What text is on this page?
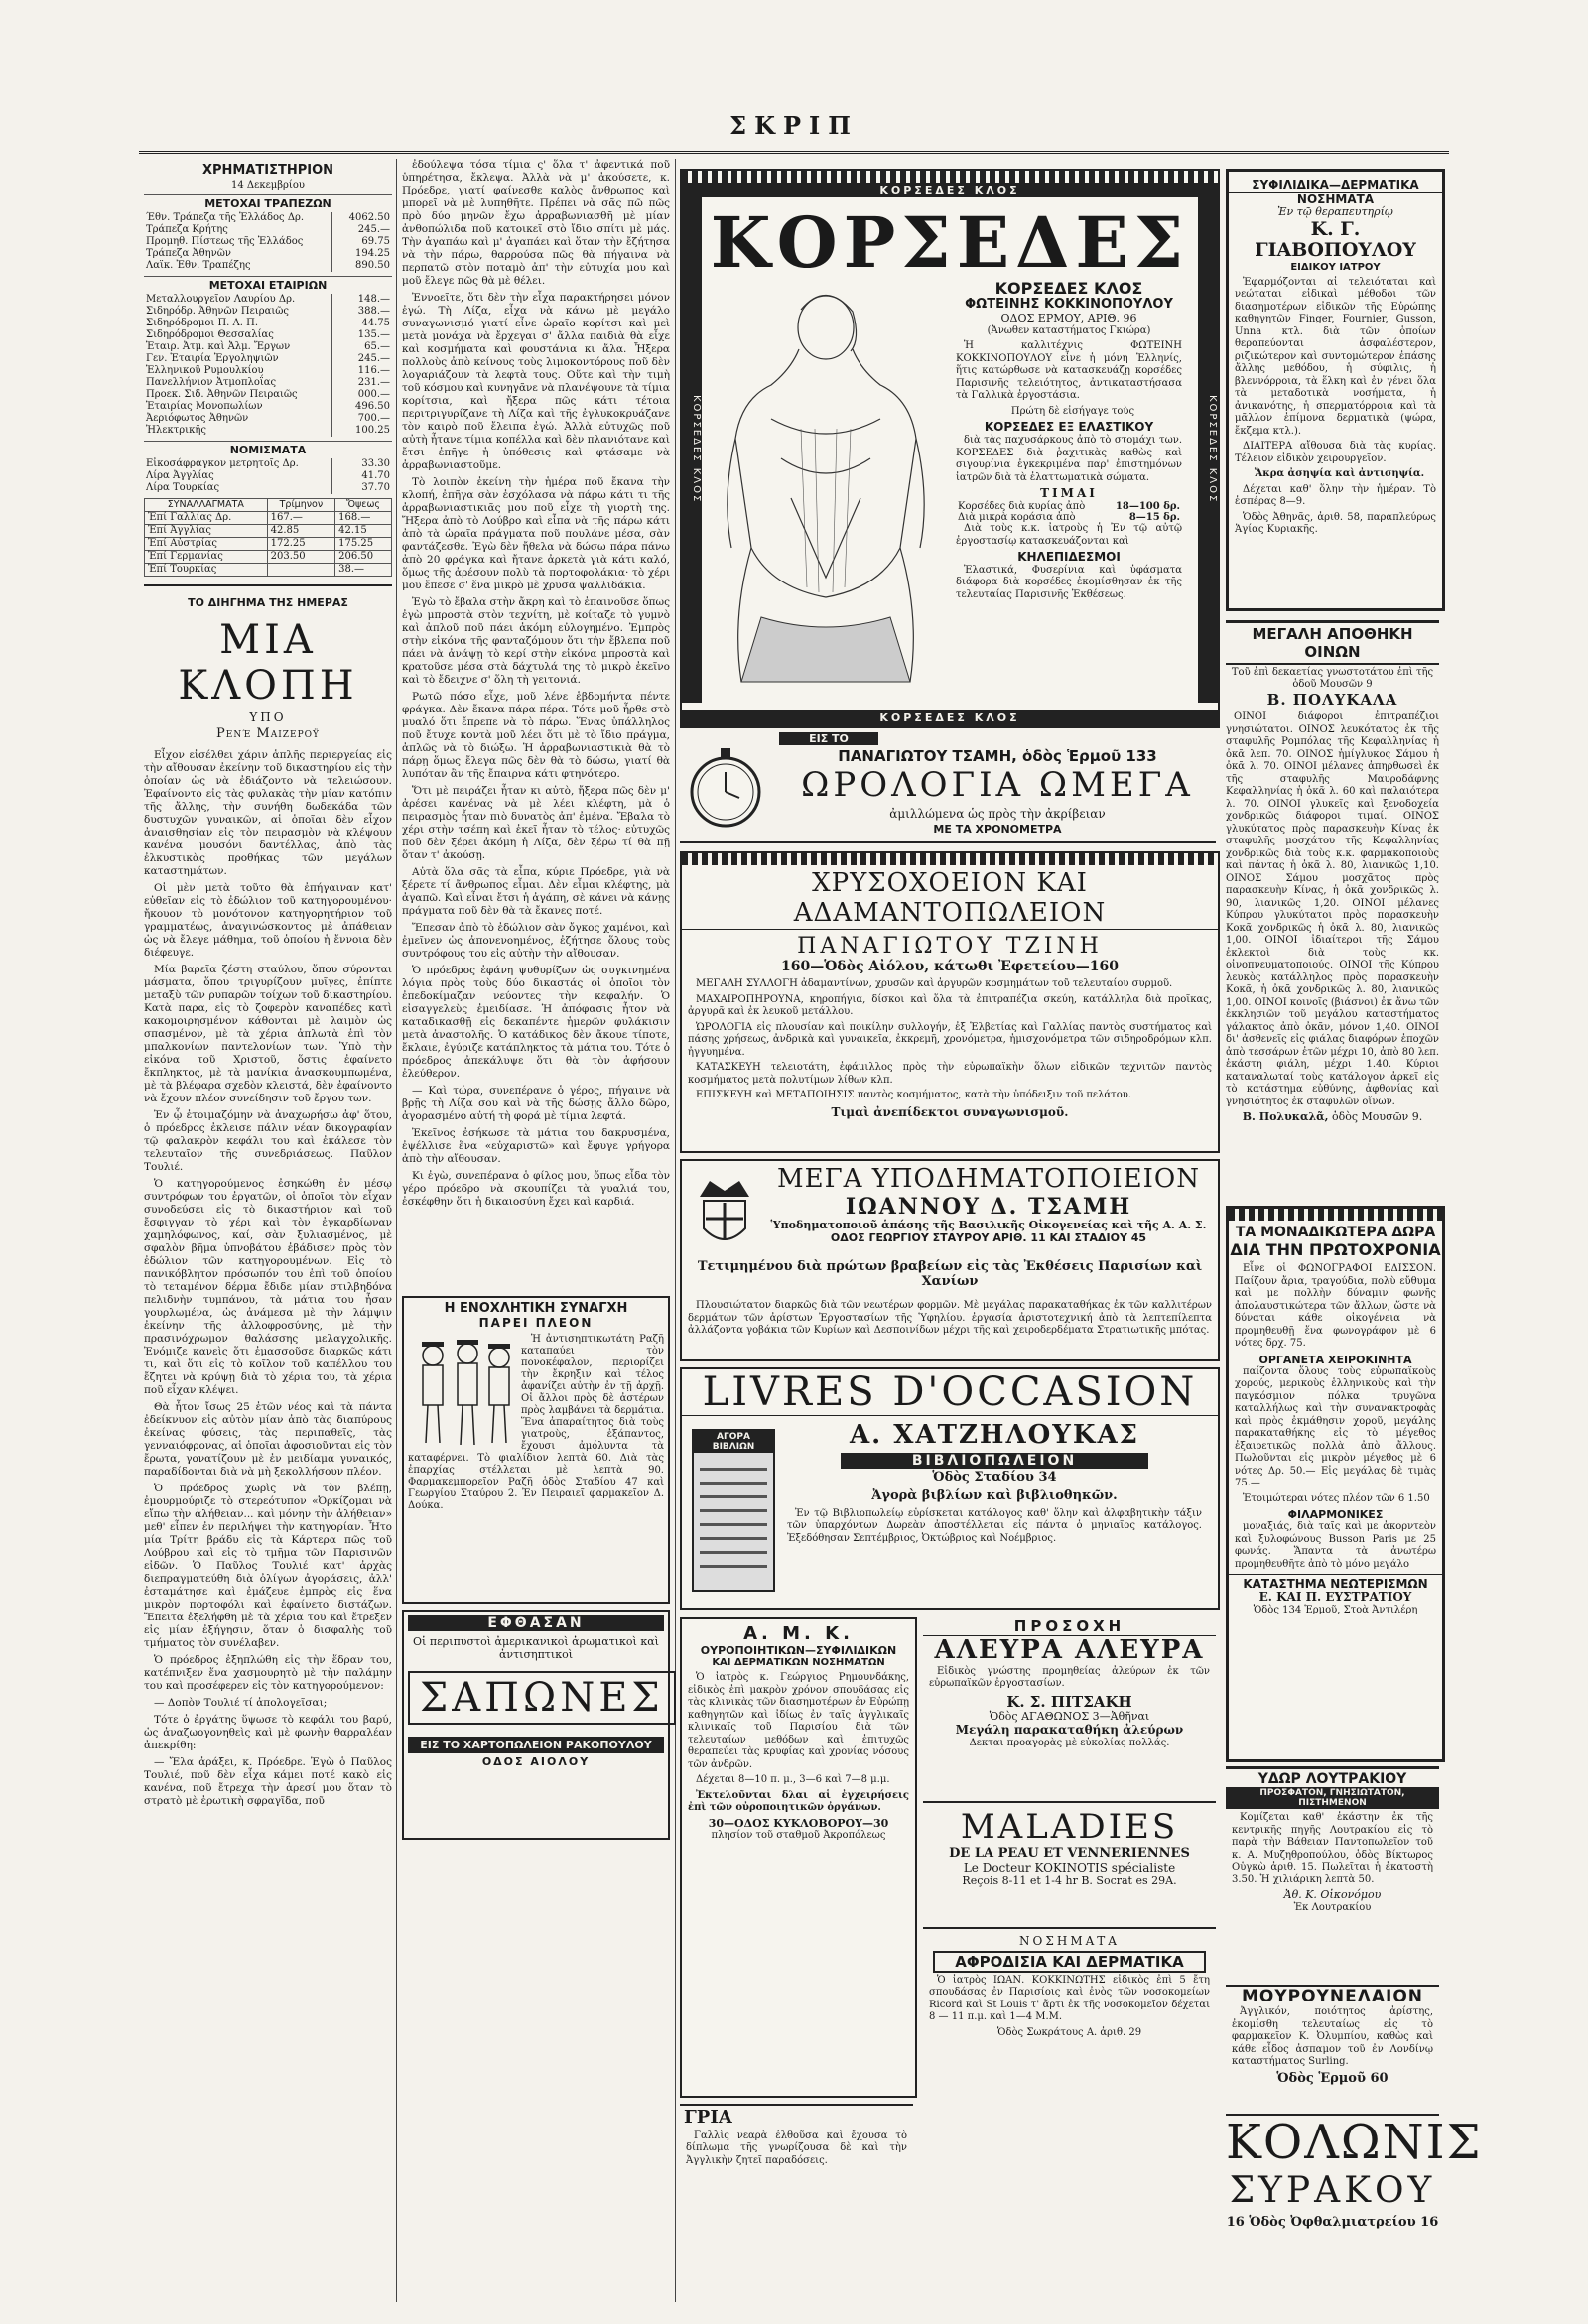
ΣΚΡΙΠ
ΧΡΗΜΑΤΙΣΤΗΡΙΟΝ
14 Δεκεμβρίου
ΜΕΤΟΧΑΙ ΤΡΑΠΕΖΩΝ
Έθν. Τράπεζα τῆς Ἑλλάδος Δρ.	4062.50
Τράπεζα Κρήτης	245.—
Προμηθ. Πίστεως τῆς Ἑλλάδος	69.75
Τράπεζα Ἀθηνῶν	194.25
Λαϊκ. Ἐθν. Τραπέζης	890.50
ΜΕΤΟΧΑΙ ΕΤΑΙΡΙΩΝ
Μεταλλουργεῖον Λαυρίου Δρ.	148.—
Σιδηρόδρ. Ἀθηνῶν Πειραιῶς	388.—
Σιδηρόδρομοι Π. Α. Π.	44.75
Σιδηρόδρομοι Θεσσαλίας	135.—
Ἑταιρ. Ἀτμ. καὶ Ἀλμ. Ἔργων	65.—
Γεν. Ἑταιρία Ἐργοληψιῶν	245.—
Ἑλληνικοῦ Ρυμουλκίου	116.—
Πανελλήνιον Ἀτμοπλοΐας	231.—
Προεκ. Σιδ. Ἀθηνῶν Πειραιῶς	000.—
Ἑταιρίας Μονοπωλίων	496.50
Ἀεριόφωτος Ἀθηνῶν	700.—
Ἠλεκτρικῆς	100.25
ΝΟΜΙΣΜΑΤΑ
Εἰκοσάφραγκον μετρητοῖς Δρ.	33.30
Λίρα Ἀγγλίας	41.70
Λίρα Τουρκίας	37.70
ΣΥΝΑΛΛΑΓΜΑΤΑ	Τρίμηνον	Ὄψεως
Ἐπί Γαλλίας Δρ.	167.—	168.—
Ἐπί Ἀγγλίας	42.85	42.15
Ἐπί Αὐστρίας	172.25	175.25
Ἐπί Γερμανίας	203.50	206.50
Ἐπί Τουρκίας		38.—
ΤΟ ΔΙΗΓΗΜΑ ΤΗΣ ΗΜΕΡΑΣ
ΜΙΑ ΚΛΟΠΗ
ΥΠΟ
Ρενέ Μαιζεροϋ

Εἶχον εἰσέλθει χάριν ἁπλῆς περιεργείας εἰς τὴν αἴθουσαν ἐκείνην τοῦ δικαστηρίου εἰς τὴν ὁποίαν ὡς νὰ ἐδιάζοντο νὰ τελειώσουν. Ἐφαίνοντο εἰς τὰς φυλακὰς τὴν μίαν κατόπιν τῆς ἄλλης, τὴν συνήθη δωδεκάδα τῶν δυστυχῶν γυναικῶν, αἱ ὁποῖαι δὲν εἶχον ἀναισθησίαν εἰς τὸν πειρασμὸν νὰ κλέψουν κανένα μουσόνι δαντέλλας, ἀπὸ τὰς ἐλκυστικὰς προθήκας τῶν μεγάλων καταστημάτων.

Οἱ μὲν μετὰ τοῦτο θὰ ἐπήγαιναν κατ' εὐθεῖαν εἰς τὸ ἐδώλιον τοῦ κατηγορουμένου· ἤκουον τὸ μονότονον κατηγορητήριον τοῦ γραμματέως, ἀναγινώσκοντος μὲ ἀπάθειαν ὡς νὰ ἔλεγε μάθημα, τοῦ ὁποίου ἡ ἔννοια δὲν διέφευγε.

Μία βαρεῖα ζέστη σταύλου, ὅπου σύρονται μάσματα, ὅπου τριγυρίζουν μυῖγες, ἐπίπτε μεταξὺ τῶν ρυπαρῶν τοίχων τοῦ δικαστηρίου. Κατὰ παρα, εἰς τὸ ζοφερὸν καναπέδες κατὶ κακομοιρησμένον κάθονται μὲ λαιμὸν ὡς σπασμένον, μὲ τὰ χέρια ἀπλωτὰ ἐπὶ τὸν μπαλκονίων παντελονίων των. Ὑπὸ τὴν εἰκόνα τοῦ Χριστοῦ, ὅστις ἐφαίνετο ἔκπληκτος, μὲ τὰ μανίκια ἀνασκουμπωμένα, μὲ τὰ βλέφαρα σχεδὸν κλειστά, δὲν ἐφαίνοντο νὰ ἔχουν πλέον συνείδησιν τοῦ ἔργου των.

Ἐν ᾧ ἐτοιμαζόμην νὰ ἀναχωρήσω ἀφ' ὅτου, ὁ πρόεδρος ἐκλεισε πάλιν νέαν δικογραφίαν τῷ φαλακρὸν κεφάλι του καὶ ἐκάλεσε τὸν τελευταῖον τῆς συνεδριάσεως. Παῦλον Τουλιέ.

Ὁ κατηγορούμενος ἐσηκώθη ἐν μέσῳ συντρόφων του ἐργατῶν, οἱ ὁποῖοι τὸν εἶχαν συνοδεύσει εἰς τὸ δικαστήριον καὶ τοῦ ἔσφιγγαν τὸ χέρι καὶ τὸν ἐγκαρδίωναν χαμηλόφωνος, καί, σὰν ξυλιασμένος, μὲ σφαλὸν βῆμα ὑπνοβάτου ἐβάδισεν πρὸς τὸν ἐδώλιον τῶν κατηγορουμένων. Εἰς τὸ πανικόβλητον πρόσωπόν του ἐπὶ τοῦ ὁποίου τὸ τεταμένον δέρμα ἔδιδε μίαν στιλβηδόνα πελιδνὴν τυμπάνου, τὰ μάτια του ἦσαν γουρλωμένα, ὡς ἀνάμεσα μὲ τὴν λάμψιν ἐκείνην τῆς ἀλλοφροσύνης, μὲ τὴν πρασινόχρωμον θαλάσσης μελαγχολικῆς. Ἐνόμιζε κανεὶς ὅτι ἐμασσοῦσε διαρκῶς κάτι τι, καὶ ὅτι εἰς τὸ κοῖλον τοῦ καπέλλου του ἔζητει νὰ κρύψῃ διὰ τὸ χέρια του, τὰ χέρια ποῦ εἶχαν κλέψει.

Θὰ ἦτον ἴσως 25 ἐτῶν νέος καὶ τὰ πάντα ἐδείκνυον εἰς αὐτὸν μίαν ἀπὸ τὰς διαπύρους ἐκείνας φύσεις, τὰς περιπαθεῖς, τὰς γενναιόφρονας, αἱ ὁποῖαι ἀφοσιοῦνται εἰς τὸν ἔρωτα, γονατίζουν μὲ ἐν μειδίαμα γυναικός, παραδίδονται διὰ νὰ μὴ ξεκολλήσουν πλέον.

Ὁ πρόεδρος χωρὶς νὰ τὸν βλέπῃ, ἐμουρμούριζε τὸ στερεότυπον «Ὀρκίζομαι νὰ εἴπω τὴν ἀλήθειαν... καὶ μόνην τὴν ἀλήθειαν» μεθ' εἶπεν ἐν περιλήψει τὴν κατηγορίαν. Ἦτο μία Τρίτη βράδυ εἰς τὰ Κάρτερα πῶς τοῦ Λούβρου καὶ εἰς τὸ τμῆμα τῶν Παρισινῶν εἰδῶν. Ὁ Παῦλος Τουλιέ κατ' ἀρχὰς διεπραγματεύθη διὰ ὀλίγων ἀγοράσεις, ἀλλ' ἐσταμάτησε καὶ ἐμάζευε ἐμπρὸς εἰς ἕνα μικρὸν πορτοφόλι καὶ ἐφαίνετο διστάζων. Ἔπειτα ἐξελήφθη μὲ τὰ χέρια του καὶ ἔτρεξεν εἰς μίαν ἐξήγησιν, ὅταν ὁ δισφαλὴς τοῦ τμήματος τὸν συνέλαβεν.

Ὁ πρόεδρος ἐξηπλώθη εἰς τὴν ἕδραν του, κατέπνιξεν ἕνα χασμουρητὸ μὲ τὴν παλάμην του καὶ προσέφερεν εἰς τὸν κατηγορούμενον:

— Δοπὸν Τουλιέ τί ἀπολογεῖσαι;

Τότε ὁ ἐργάτης ὕψωσε τὸ κεφάλι του βαρύ, ὡς ἀναζωογονηθεὶς καὶ μὲ φωνὴν θαρραλέαν ἀπεκρίθη:

— Ἔλα ἀράξει, κ. Πρόεδρε. Ἐγὼ ὁ Παῦλος Τουλιέ, ποῦ δὲν εἶχα κάμει ποτέ κακὸ εἰς κανένα, ποῦ ἔτρεχα τὴν ἀρεσί μου ὅταν τὸ στρατὸ μὲ ἐρωτικὴ σφραγῖδα, ποῦ

ἐδούλεψα τόσα τίμια ς' ὅλα τ' ἀφεντικά ποῦ ὑπηρέτησα, ἔκλεψα. Ἀλλὰ νὰ μ' ἀκούσετε, κ. Πρόεδρε, γιατί φαίνεσθε καλὸς ἄνθρωπος καὶ μπορεῖ νὰ μὲ λυπηθῆτε. Πρέπει νὰ σᾶς πῶ πῶς πρὸ δύο μηνῶν ἔχω ἀρραβωνιασθῆ μὲ μίαν ἀνθοπώλιδα ποῦ κατοικεῖ στὸ ἴδιο σπίτι μὲ μάς. Τὴν ἀγαπάω καὶ μ' ἀγαπάει καὶ ὅταν τὴν ἔζήτησα νὰ τὴν πάρω, θαρρούσα πῶς θὰ πήγαινα νὰ περπατῶ στὸν ποταμὸ ἀπ' τὴν εὐτυχία μου καὶ μοῦ ἔλεγε πῶς θὰ μὲ θέλει.

Ἐννοεῖτε, ὅτι δὲν τὴν εἶχα παρακτήρησει μόνον ἐγώ. Τὴ Λίζα, εἶχα νὰ κάνω μὲ μεγάλο συναγωνισμό γιατί εἶνε ὡραῖο κορίτσι καὶ μεὶ μετὰ μονάχα νὰ ἔρχεγαι σ' ἄλλα παιδιὰ θὰ εἶχε καὶ κοσμήματα καὶ φουστάνια κι ἄλα. Ἦξερα πολλοὺς ἀπὸ κείνους τοὺς λιμοκοντόρους ποῦ δὲν λογαριάζουν τὰ λεφτὰ τους. Οὕτε καὶ τὴν τιμὴ τοῦ κόσμου καὶ κυνηγᾶνε νὰ πλανέψουνε τὰ τίμια κορίτσια, καὶ ἤξερα πῶς κάτι τέτοια περιτριγυρίζανε τὴ Λίζα καὶ τῆς ἐγλυκοκρυάζανε τὸν καιρὸ ποῦ ἔλειπα ἐγώ. Ἀλλὰ εὐτυχῶς ποῦ αὐτὴ ἦτανε τίμια κοπέλλα καὶ δὲν πλανιότανε καὶ ἔτσι ἐπῆγε ἡ ὑπόθεσις καὶ φτάσαμε νὰ ἀρραβωνιαστοῦμε.

Τὸ λοιπὸν ἐκείνη τὴν ἡμέρα ποῦ ἔκανα τὴν κλοπή, ἐπῆγα σὰν ἐσχόλασα νὰ πάρω κάτι τι τῆς ἀρραβωνιαστικιᾶς μου ποῦ εἶχε τὴ γιορτὴ της. Ἤξερα ἀπὸ τὸ Λούβρο καὶ εἶπα νὰ τῆς πάρω κάτι ἀπὸ τὰ ὡραῖα πράγματα ποῦ πουλάνε μέσα, σὰν φαντάζεσθε. Ἐγὼ δὲν ἤθελα νὰ δώσω πάρα πάνω ἀπὸ 20 φράγκα καὶ ἤτανε ἀρκετὰ γιὰ κάτι καλό, ὅμως τῆς ἀρέσουν πολὺ τὰ πορτοφολάκια· τὸ χέρι μου ἔπεσε σ' ἕνα μικρὸ μὲ χρυσᾶ ψαλλιδάκια.

Ἐγὼ τὸ ἔβαλα στὴν ἄκρη καὶ τὸ ἐπαινοῦσε ὅπως ἐγὼ μπροστὰ στὸν τεχνίτη, μὲ κοίταζε τὸ γυμνὸ καὶ ἀπλοῦ ποῦ πάει ἀκόμη εὐλογημένο. Ἐμπρὸς στὴν εἰκόνα τῆς φανταζόμουν ὅτι τὴν ἔβλεπα ποῦ πάει νὰ ἀνάψῃ τὸ κερί στὴν εἰκόνα μπροστὰ καὶ κρατοῦσε μέσα στὰ δάχτυλά της τὸ μικρὸ ἐκεῖνο καὶ τὸ ἔδειχνε σ' ὅλη τὴ γειτονιά.

Ρωτῶ πόσο εἶχε, μοῦ λένε ἑβδομήντα πέντε φράγκα. Δὲν ἔκανα πάρα πέρα. Τότε μοῦ ἦρθε στὸ μυαλό ὅτι ἔπρεπε νὰ τὸ πάρω. Ἕνας ὑπάλληλος ποῦ ἔτυχε κοντὰ μοῦ λέει ὅτι μὲ τὸ ἴδιο πράγμα, ἀπλῶς νὰ τὸ διώξω. Ἡ ἀρραβωνιαστικιὰ θὰ τὸ πάρῃ ὅμως ἔλεγα πῶς δὲν θὰ τὸ δώσω, γιατί θὰ λυπόταν ἂν τῆς ἔπαιρνα κάτι φτηνότερο.

Ὅτι μὲ πειράζει ἦταν κι αὐτὸ, ἤξερα πῶς δὲν μ' ἀρέσει κανένας νὰ μὲ λέει κλέφτη, μὰ ὁ πειρασμὸς ἦταν πιὸ δυνατὸς ἀπ' ἐμένα. Ἔβαλα τὸ χέρι στὴν τσέπη καὶ ἐκεῖ ἦταν τὸ τέλος· εὐτυχῶς ποῦ δὲν ξέρει ἀκόμη ἡ Λίζα, δὲν ξέρω τί θὰ πῇ ὅταν τ' ἀκούσῃ.

Αὐτὰ ὅλα σᾶς τὰ εἶπα, κύριε Πρόεδρε, γιὰ νὰ ξέρετε τί ἄνθρωπος εἶμαι. Δὲν εἶμαι κλέφτης, μὰ ἀγαπῶ. Καὶ εἶναι ἔτσι ἡ ἀγάπη, σὲ κάνει νὰ κάνῃς πράγματα ποῦ δὲν θὰ τὰ ἔκανες ποτέ.

Ἔπεσαν ἀπὸ τὸ ἐδώλιον σὰν ὄγκος χαμένοι, καὶ ἐμεῖνεν ὡς ἀπονενοημένος, ἐζήτησε ὅλους τοὺς συντρόφους του εἰς αὐτὴν τὴν αἴθουσαν.

Ὁ πρόεδρος ἐφάνη ψυθυρίζων ὡς συγκινημένα λόγια πρὸς τοὺς δύο δικαστάς οἱ ὁποῖοι τὸν ἐπεδοκίμαζαν νεύοντες τὴν κεφαλήν. Ὁ εἰσαγγελεὺς ἐμειδίασε. Ἡ ἀπόφασις ἦτον νὰ καταδικασθῇ εἰς δεκαπέντε ἡμερῶν φυλάκισιν μετὰ ἀναστολῆς. Ὁ κατάδικος δὲν ἄκουε τίποτε, ἔκλαιε, ἐγύριζε κατάπληκτος τὰ μάτια του. Τότε ὁ πρόεδρος ἀπεκάλυψε ὅτι θὰ τὸν ἀφήσουν ἐλεύθερον.

— Καὶ τώρα, συνεπέρανε ὁ γέρος, πήγαινε νὰ βρῇς τὴ Λίζα σου καὶ νὰ τῆς δώσῃς ἄλλο δῶρο, ἀγορασμένο αὐτή τὴ φορά μὲ τίμια λεφτά.

Ἐκεῖνος ἐσήκωσε τὰ μάτια του δακρυσμένα, ἐψέλλισε ἕνα «εὐχαριστῶ» καὶ ἔφυγε γρήγορα ἀπὸ τὴν αἴθουσαν.

Κι ἐγὼ, συνεπέρανα ὁ φίλος μου, ὅπως εἶδα τὸν γέρο πρόεδρο νὰ σκουπίζει τὰ γυαλιά του, ἐσκέφθην ὅτι ἡ δικαιοσύνη ἔχει καὶ καρδιά.

Η ΕΝΟΧΛΗΤΙΚΗ ΣΥΝΑΓΧΗ
ΠΑΡΕΙ ΠΛΕΟΝ

Ἡ ἀντισηπτικωτάτη Ραζῆ καταπαύει τὸν πονοκέφαλον, περιορίζει τὴν ἔκρηξιν καὶ τέλος ἀφανίζει αὐτὴν ἐν τῇ ἀρχῇ. Οἱ ἄλλοι πρὸς δὲ ἀστέρων πρὸς λαμβάνει τὰ δερμάτια. Ἕνα ἀπαραίτητος διὰ τοὺς γιατροὺς, ἐξάπαντος, ἔχουσι ἀμόλυντα τὰ καταφέρνει. Τὸ φιαλίδιον λεπτὰ 60. Διὰ τὰς ἐπαρχίας στέλλεται μὲ λεπτὰ 90. Φαρμακεμπορεῖον Ραζῆ ὁδὸς Σταδίου 47 καὶ Γεωργίου Σταύρου 2. Ἐν Πειραιεῖ φαρμακεῖον Δ. Δούκα.

ΕΦΘΑΣΑΝ

Οἱ περιπυστοὶ ἀμερικανικοὶ ἀρωματικοὶ καὶ ἀντισηπτικοὶ

ΣΑΠΩΝΕΣ
ΕΙΣ ΤΟ ΧΑΡΤΟΠΩΛΕΙΟΝ ΡΑΚΟΠΟΥΛΟΥ
ΟΔΟΣ ΑΙΟΛΟΥ
ΚΟΡΣΕΔΕΣ ΚΛΟΣ
ΚΟΡΣΕΔΕΣ ΚΛΟΣ	ΚΟΡΣΕΔΕΣ ΚΛΟΣ
ΚΟΡΣΕΔΕΣ
ΚΟΡΣΕΔΕΣ ΚΛΟΣ
ΦΩΤΕΙΝΗΣ ΚΟΚΚΙΝΟΠΟΥΛΟΥ
ΟΔΟΣ ΕΡΜΟΥ, ΑΡΙΘ. 96
(Ἀνωθεν καταστήματος Γκιώρα)

Ἡ καλλιτέχνις ΦΩΤΕΙΝΗ ΚΟΚΚΙΝΟΠΟΥΛΟΥ εἶνε ἡ μόνη Ἑλληνίς, ἥτις κατώρθωσε νὰ κατασκευάζῃ κορσέδες Παρισινῆς τελειότητος, ἀντικαταστήσασα τὰ Γαλλικὰ ἐργοστάσια.

Πρώτη δὲ εἰσήγαγε τοὺς

ΚΟΡΣΕΔΕΣ ΕΞ ΕΛΑΣΤΙΚΟΥ

διὰ τὰς παχυσάρκους ἀπὸ τὸ στομάχι των. ΚΟΡΣΕΔΕΣ διὰ ῥαχιτικὰς καθὼς καὶ σιγουρίνια ἐγκεκριμένα παρ' ἐπιστημόνων ἰατρῶν διὰ τὰ ἐλαττωματικὰ σώματα.

ΤΙΜΑΙ
Κορσέδες διὰ κυρίας ἀπὸ	18—100 δρ.
Διὰ μικρὰ κοράσια ἀπὸ	8—15 δρ.

Διὰ τοὺς κ.κ. ἰατροὺς ἡ Ἐν τῷ αὐτῷ ἐργοστασίῳ κατασκευάζονται καὶ

ΚΗΛΕΠΙΔΕΣΜΟΙ

Ἐλαστικά, Φυσερίνια καὶ ὑφάσματα διάφορα διὰ κορσέδες ἐκομίσθησαν ἐκ τῆς τελευταίας Παρισινῆς Ἐκθέσεως.

ΚΟΡΣΕΔΕΣ ΚΛΟΣ
ΣΥΦΙΛΙΔΙΚΑ—ΔΕΡΜΑΤΙΚΑ
ΝΟΣΗΜΑΤΑ
Ἐν τῷ θεραπευτηρίῳ
Κ. Γ. ΓΙΑΒΟΠΟΥΛΟΥ
ΕΙΔΙΚΟΥ ΙΑΤΡΟΥ

Ἐφαρμόζονται αἱ τελειόταται καὶ νεώταται εἰδικαὶ μέθοδοι τῶν διασημοτέρων εἰδικῶν τῆς Εὐρώπης καθηγητῶν Finger, Fournier, Gusson, Unna κτλ. διὰ τῶν ὁποίων θεραπεύονται ἀσφαλέστερον, ριζικώτερον καὶ συντομώτερον ἐπάσης ἄλλης μεθόδου, ἡ σύφιλις, ἡ βλεννόρροια, τὰ ἕλκη καὶ ἐν γένει ὅλα τὰ μεταδοτικὰ νοσήματα, ἡ ἀνικανότης, ἡ σπερματόρροια καὶ τὰ μᾶλλον ἐπίμονα δερματικὰ (ψώρα, ἔκζεμα κτλ.).

ΔΙΑΙΤΕΡΑ αἴθουσα διὰ τὰς κυρίας. Τέλειον εἰδικὸν χειρουργεῖον.

Ἄκρα ἀσηψία καὶ ἀντισηψία.

Δέχεται καθ' ὅλην τὴν ἡμέραν. Τὸ ἑσπέρας 8—9.

Ὁδὸς Ἀθηνᾶς, ἀριθ. 58, παραπλεύρως Ἁγίας Κυριακῆς.

ΜΕΓΑΛΗ ΑΠΟΘΗΚΗ ΟΙΝΩΝ
Τοῦ ἐπὶ δεκαετίας γνωστοτάτου ἐπὶ τῆς ὁδοῦ Μουσῶν 9
Β. ΠΟΛΥΚΑΛΑ

ΟΙΝΟΙ διάφοροι ἐπιτραπέζιοι γνησιώτατοι. ΟΙΝΟΣ λευκότατος ἐκ τῆς σταφυλῆς Ρομπόλας τῆς Κεφαλληνίας ἡ ὀκᾶ λεπ. 70. ΟΙΝΟΣ ἠμίγλυκος Σάμου ἡ ὀκᾶ λ. 70. ΟΙΝΟΙ μέλανες ἀπηρθωσεὶ ἐκ τῆς σταφυλῆς Μαυροδάφνης Κεφαλληνίας ἡ ὀκᾶ λ. 60 καὶ παλαιότερα λ. 70. ΟΙΝΟΙ γλυκεῖς καὶ ξενοδοχεία χονδρικῶς διάφοροι τιμαί. ΟΙΝΟΣ γλυκύτατος πρὸς παρασκευὴν Κίνας ἐκ σταφυλῆς μοσχάτου τῆς Κεφαλληνίας χονδρικῶς διὰ τοὺς κ.κ. φαρμακοποιοὺς καὶ πάντας ἡ ὀκᾶ λ. 80, λιανικῶς 1,10. ΟΙΝΟΣ Σάμου μοσχᾶτος πρὸς παρασκευὴν Κίνας, ἡ ὀκᾶ χονδρικῶς λ. 90, λιανικῶς 1,20. ΟΙΝΟΙ μέλανες Κύπρου γλυκύτατοι πρὸς παρασκευὴν Κοκᾶ χονδρικῶς ἡ ὀκᾶ λ. 80, λιανικῶς 1,00. ΟΙΝΟΙ ἰδιαίτεροι τῆς Σάμου ἐκλεκτοὶ διὰ τοὺς κκ. οἰνοπνευματοποιούς. ΟΙΝΟΙ τῆς Κύπρου λευκὸς κατάλληλος πρὸς παρασκευὴν Κοκᾶ, ἡ ὀκᾶ χονδρικῶς λ. 80, λιανικῶς 1,00. ΟΙΝΟΙ κοινοῖς (βιάσνοι) ἐκ ἄνω τῶν ἐκκλησιῶν τοῦ μεγάλου καταστήματος γάλακτος ἀπὸ ὀκᾶν, μόνον 1,40. ΟΙΝΟΙ δι' ἀσθενεῖς εἰς φιάλας διαφόρων ἐποχῶν ἀπὸ τεσσάρων ἐτῶν μέχρι 10, ἀπὸ 80 λεπ. ἑκάστη φιάλη, μέχρι 1.40. Κύριοι καταναλωταί τοὺς κατάλογον ἀρκεῖ εἰς τὸ κατάστημα εὐθύνης, ἀφθονίας καὶ γνησιότητος ἐκ σταφυλῶν οἴνων.

Β. Πολυκαλᾶ, ὁδὸς Μουσῶν 9.
ΕΙΣ ΤΟ
ΠΑΝΑΓΙΩΤΟΥ ΤΣΑΜΗ, ὁδὸς Ἑρμοῦ 133
ΩΡΟΛΟΓΙΑ ΩΜΕΓΑ
ἀμιλλώμενα ὡς πρὸς τὴν ἀκρίβειαν
ΜΕ ΤΑ ΧΡΟΝΟΜΕΤΡΑ
ΧΡΥΣΟΧΟΕΙΟΝ ΚΑΙ ΑΔΑΜΑΝΤΟΠΩΛΕΙΟΝ
ΠΑΝΑΓΙΩΤΟΥ ΤΖΙΝΗ
160—Ὁδὸς Αἰόλου, κάτωθι Ἐφετείου—160

ΜΕΓΑΛΗ ΣΥΛΛΟΓΗ ἀδαμαντίνων, χρυσῶν καὶ ἀργυρῶν κοσμημάτων τοῦ τελευταίου συρμοῦ.

ΜΑΧΑΙΡΟΠΗΡΟΥΝΑ, κηροπήγια, δίσκοι καὶ ὅλα τὰ ἐπιτραπέζια σκεύη, κατάλληλα διὰ προῖκας, ἀργυρᾶ καὶ ἐκ λευκοῦ μετάλλου.

ὩΡΟΛΟΓΙΑ εἰς πλουσίαν καὶ ποικίλην συλλογήν, ἐξ Ἑλβετίας καὶ Γαλλίας παντὸς συστήματος καὶ πάσης χρήσεως, ἀνδρικὰ καὶ γυναικεῖα, ἐκκρεμῆ, χρονόμετρα, ἠμισχονόμετρα τῶν σιδηροδρόμων κλπ. ἠγγυημένα.

ΚΑΤΑΣΚΕΥΗ τελειοτάτη, ἐφάμιλλος πρὸς τὴν εὐρωπαϊκὴν ὅλων εἰδικῶν τεχνιτῶν παντὸς κοσμήματος μετὰ πολυτίμων λίθων κλπ.

ΕΠΙΣΚΕΥΗ καὶ ΜΕΤΑΠΟΙΗΣΙΣ παντὸς κοσμήματος, κατὰ τὴν ὑπόδειξιν τοῦ πελάτου.

Τιμαὶ ἀνεπίδεκτοι συναγωνισμοῦ.
ΜΕΓΑ ΥΠΟΔΗΜΑΤΟΠΟΙΕΙΟΝ
ΙΩΑΝΝΟΥ Δ. ΤΣΑΜΗ
Ὑποδηματοποιοῦ ἁπάσης τῆς Βασιλικῆς Οἰκογενείας καὶ τῆς Α. Α. Σ.
ΟΔΟΣ ΓΕΩΡΓΙΟΥ ΣΤΑΥΡΟΥ ΑΡΙΘ. 11 ΚΑΙ ΣΤΑΔΙΟΥ 45
Τετιμημένου διὰ πρώτων βραβείων εἰς τὰς Ἐκθέσεις Παρισίων καὶ Χανίων

Πλουσιώτατον διαρκῶς διὰ τῶν νεωτέρων φορμῶν. Μὲ μεγάλας παρακαταθήκας ἐκ τῶν καλλιτέρων δερμάτων τῶν ἀρίστων Ἐργοστασίων τῆς Ὑφηλίου. ἐργασία ἀριστοτεχνική ἀπὸ τὰ λεπτεπίλεπτα ἀλλάζοντα γοβάκια τῶν Κυρίων καὶ Δεσποινίδων μέχρι τῆς καὶ χειροδερδέματα Στρατιωτικῆς μπότας.

ΤΑ ΜΟΝΑΔΙΚΩΤΕΡΑ ΔΩΡΑ
ΔΙΑ ΤΗΝ ΠΡΩΤΟΧΡΟΝΙΑ

Εἶνε οἱ ΦΩΝΟΓΡΑΦΟΙ ΕΔΙΣΣΟΝ. Παίζουν ἄρια, τραγούδια, πολὺ εὔθυμα καὶ με πολλὴν δύναμιν φωνῆς ἀπολαυστικώτερα τῶν ἄλλων, ὥστε νὰ δύναται κάθε οἰκογένεια νὰ προμηθευθῇ ἕνα φωνογράφον μὲ 6 νότες δρχ. 75.

ΟΡΓΑΝΕΤΑ ΧΕΙΡΟΚΙΝΗΤΑ

παίζοντα ὅλους τοὺς εὐρωπαϊκοὺς χορούς, μερικοὺς ἑλληνικοὺς καὶ τὴν παγκόσμιον πόλκα τρυγῶνα καταλλήλως καὶ τὴν συνανακτροφὰς καὶ πρὸς ἐκμάθησιν χοροῦ, μεγάλης παρακαταθήκης εἰς τὸ μέγεθος ἐξαιρετικῶς πολλὰ ἀπὸ ἄλλους. Πωλοῦνται εἰς μικρὸν μέγεθος μὲ 6 νότες Δρ. 50.— Εἰς μεγάλας δὲ τιμὰς 75.—

Ἑτοιμώτεραι νότες πλέον τῶν 6 1.50

ΦΙΛΑΡΜΟΝΙΚΕΣ

μοναξιάς, διὰ ταῖς καὶ με ἀκορντεὸν καὶ ξυλοφώνους Busson Paris με 25 φωνάς. Ἅπαντα τὰ ἀνωτέρω προμηθευθῆτε ἀπὸ τὸ μόνο μεγάλο

ΚΑΤΑΣΤΗΜΑ ΝΕΩΤΕΡΙΣΜΩΝ
Ε. ΚΑΙ Π. ΕΥΣΤΡΑΤΙΟΥ
Ὁδὸς 134 Ἑρμοῦ, Στοὰ Ἀντιλέρη
LIVRES D'OCCASION
ΑΓΟΡΑ ΒΙΒΛΙΩΝ	Α. ΧΑΤΖΗΛΟΥΚΑΣ
ΒΙΒΛΙΟΠΩΛΕΙΟΝ
Ὁδὸς Σταδίου 34
Ἀγορὰ βιβλίων καὶ βιβλιοθηκῶν.

Ἐν τῷ Βιβλιοπωλείῳ εὑρίσκεται κατάλογος καθ' ὅλην καὶ ἀλφαβητικὴν τάξιν τῶν ὑπαρχόντων Δωρεὰν ἀποστέλλεται εἰς πάντα ὁ μηνιαῖος κατάλογος. Ἐξεδόθησαν Σεπτέμβριος, Ὀκτώβριος καὶ Νοέμβριος.

Α. Μ. Κ.
ΟΥΡΟΠΟΙΗΤΙΚΩΝ—ΣΥΦΙΛΙΔΙΚΩΝ
ΚΑΙ ΔΕΡΜΑΤΙΚΩΝ ΝΟΣΗΜΑΤΩΝ

Ὁ ἰατρὸς κ. Γεώργιος Ρημουνδάκης, εἰδικὸς ἐπὶ μακρὸν χρόνον σπουδάσας εἰς τὰς κλινικὰς τῶν διασημοτέρων ἐν Εὐρώπῃ καθηγητῶν καὶ ἰδίως ἐν ταῖς ἀγγλικαῖς κλινικαῖς τοῦ Παρισίου διὰ τῶν τελευταίων μεθόδων καὶ ἐπιτυχῶς θεραπεύει τὰς κρυφίας καὶ χρονίας νόσους τῶν ἀνδρῶν.

Δέχεται 8—10 π. μ., 3—6 καὶ 7—8 μ.μ.

Ἐκτελοῦνται δλαι αἱ ἐγχειρήσεις ἐπὶ τῶν οὐροποιητικῶν ὀργάνων.

30—ΟΔΟΣ ΚΥΚΛΟΒΟΡΟΥ—30
πλησίον τοῦ σταθμοῦ Ἀκροπόλεως
ΓΡΙΑ

Γαλλὶς νεαρὰ ἐλθοῦσα καὶ ἔχουσα τὸ δίπλωμα τῆς γνωρίζουσα δὲ καὶ τὴν Ἀγγλικὴν ζητεῖ παραδόσεις.

ΠΡΟΣΟΧΗ
ΑΛΕΥΡΑ ΑΛΕΥΡΑ

Εἰδικὸς γνώστης προμηθείας ἀλεύρων ἐκ τῶν εὐρωπαϊκῶν ἐργοστασίων.

Κ. Σ. ΠΙΤΣΑΚΗ
Ὁδὸς ΑΓΑΘΩΝΟΣ 3—Ἀθῆναι
Μεγάλη παρακαταθήκη ἀλεύρων
Δεκται προαγορὰς μὲ εὐκολίας πολλάς.
MALADIES
DE LA PEAU ET VENNERIENNES
Le Docteur KOKINOTIS spécialiste
Reçois 8-11 et 1-4 hr B. Socrat es 29A.
ΝΟΣΗΜΑΤΑ
ΑΦΡΟΔΙΣΙΑ ΚΑΙ ΔΕΡΜΑΤΙΚΑ

Ὁ ἰατρὸς ΙΩΑΝ. ΚΟΚΚΙΝΩΤΗΣ εἰδικὸς ἐπὶ 5 ἔτη σπουδάσας ἐν Παρισίοις καὶ ἐνὸς τῶν νοσοκομείων Ricord καὶ St Louis τ' ἄρτι ἐκ τῆς νοσοκομεῖον δέχεται 8 — 11 π.μ. καὶ 1—4 Μ.Μ.

Ὁδὸς Σωκράτους Α. ἀριθ. 29
ΥΔΩΡ ΛΟΥΤΡΑΚΙΟΥ
ΠΡΟΣΦΑΤΟΝ, ΓΝΗΣΙΩΤΑΤΟΝ, ΠΙΣΤΗΜΕΝΟΝ

Κομίζεται καθ' ἑκάστην ἐκ τῆς κεντρικῆς πηγῆς Λουτρακίου εἰς τὸ παρὰ τὴν Βάθειαν Παντοπωλεῖον τοῦ κ. Α. Μυζηθροπούλου, ὁδὸς Βίκτωρος Οὑγκὼ ἀριθ. 15. Πωλεῖται ἡ ἑκατοστὴ 3.50. Ἡ χιλιάρικη λεπτὰ 50.

Ἀθ. Κ. Οἰκονόμου
Ἐκ Λουτρακίου
ΜΟΥΡΟΥΝΕΛΑΙΟΝ

Ἀγγλικόν, ποιότητος ἀρίστης, ἐκομίσθη τελευταίως εἰς τὸ φαρμακεῖον Κ. Ὀλυμπίου, καθὼς καὶ κάθε εἶδος ἀσπαμον τοῦ ἐν Λονδίνῳ καταστήματος Surling.

Ὁδὸς Ἑρμοῦ 60
ΚΟΛΩΝΙΣ
ΣΥΡΑΚΟΥ
16 Ὁδὸς Ὀφθαλμιατρείου 16
